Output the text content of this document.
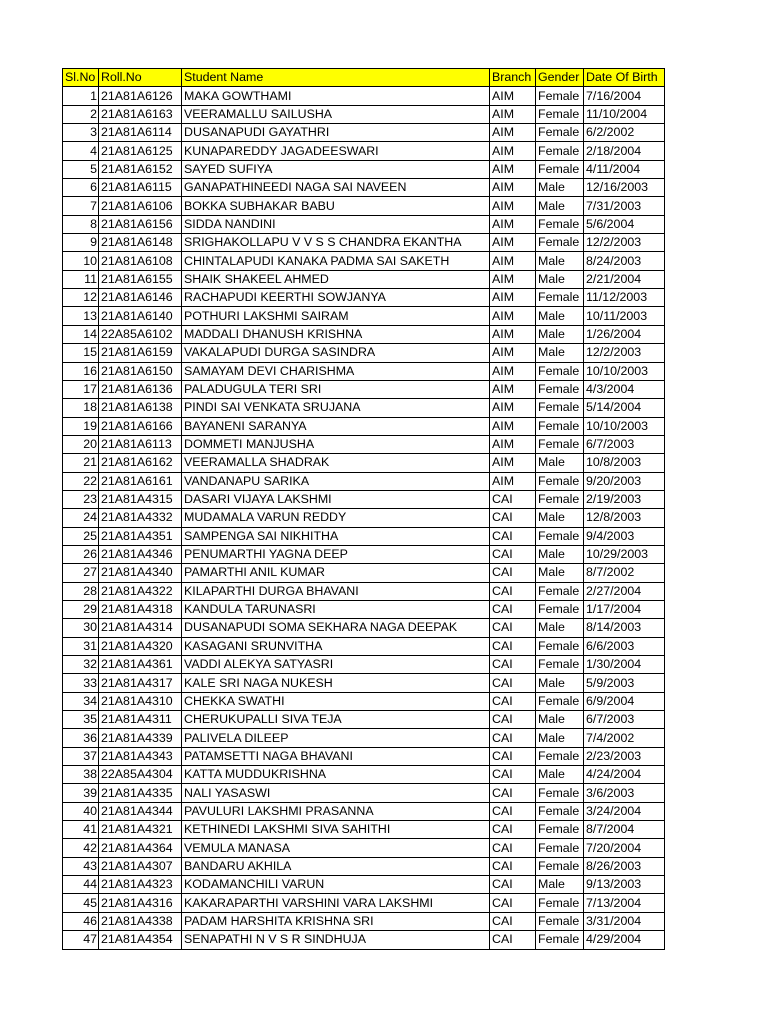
Sl.No	Roll.No	Student Name	Branch	Gender	Date Of Birth
1	21A81A6126	MAKA GOWTHAMI	AIM	Female	7/16/2004
2	21A81A6163	VEERAMALLU SAILUSHA	AIM	Female	11/10/2004
3	21A81A6114	DUSANAPUDI GAYATHRI	AIM	Female	6/2/2002
4	21A81A6125	KUNAPAREDDY JAGADEESWARI	AIM	Female	2/18/2004
5	21A81A6152	SAYED SUFIYA	AIM	Female	4/11/2004
6	21A81A6115	GANAPATHINEEDI NAGA SAI NAVEEN	AIM	Male	12/16/2003
7	21A81A6106	BOKKA SUBHAKAR BABU	AIM	Male	7/31/2003
8	21A81A6156	SIDDA NANDINI	AIM	Female	5/6/2004
9	21A81A6148	SRIGHAKOLLAPU V V S S CHANDRA EKANTHA	AIM	Female	12/2/2003
10	21A81A6108	CHINTALAPUDI KANAKA PADMA SAI SAKETH	AIM	Male	8/24/2003
11	21A81A6155	SHAIK SHAKEEL AHMED	AIM	Male	2/21/2004
12	21A81A6146	RACHAPUDI KEERTHI SOWJANYA	AIM	Female	11/12/2003
13	21A81A6140	POTHURI LAKSHMI SAIRAM	AIM	Male	10/11/2003
14	22A85A6102	MADDALI DHANUSH KRISHNA	AIM	Male	1/26/2004
15	21A81A6159	VAKALAPUDI DURGA SASINDRA	AIM	Male	12/2/2003
16	21A81A6150	SAMAYAM DEVI CHARISHMA	AIM	Female	10/10/2003
17	21A81A6136	PALADUGULA TERI SRI	AIM	Female	4/3/2004
18	21A81A6138	PINDI SAI VENKATA SRUJANA	AIM	Female	5/14/2004
19	21A81A6166	BAYANENI SARANYA	AIM	Female	10/10/2003
20	21A81A6113	DOMMETI MANJUSHA	AIM	Female	6/7/2003
21	21A81A6162	VEERAMALLA SHADRAK	AIM	Male	10/8/2003
22	21A81A6161	VANDANAPU SARIKA	AIM	Female	9/20/2003
23	21A81A4315	DASARI VIJAYA LAKSHMI	CAI	Female	2/19/2003
24	21A81A4332	MUDAMALA VARUN REDDY	CAI	Male	12/8/2003
25	21A81A4351	SAMPENGA SAI NIKHITHA	CAI	Female	9/4/2003
26	21A81A4346	PENUMARTHI YAGNA DEEP	CAI	Male	10/29/2003
27	21A81A4340	PAMARTHI ANIL KUMAR	CAI	Male	8/7/2002
28	21A81A4322	KILAPARTHI DURGA BHAVANI	CAI	Female	2/27/2004
29	21A81A4318	KANDULA TARUNASRI	CAI	Female	1/17/2004
30	21A81A4314	DUSANAPUDI SOMA SEKHARA NAGA DEEPAK	CAI	Male	8/14/2003
31	21A81A4320	KASAGANI SRUNVITHA	CAI	Female	6/6/2003
32	21A81A4361	VADDI ALEKYA SATYASRI	CAI	Female	1/30/2004
33	21A81A4317	KALE SRI NAGA NUKESH	CAI	Male	5/9/2003
34	21A81A4310	CHEKKA SWATHI	CAI	Female	6/9/2004
35	21A81A4311	CHERUKUPALLI SIVA TEJA	CAI	Male	6/7/2003
36	21A81A4339	PALIVELA DILEEP	CAI	Male	7/4/2002
37	21A81A4343	PATAMSETTI NAGA BHAVANI	CAI	Female	2/23/2003
38	22A85A4304	KATTA MUDDUKRISHNA	CAI	Male	4/24/2004
39	21A81A4335	NALI YASASWI	CAI	Female	3/6/2003
40	21A81A4344	PAVULURI LAKSHMI PRASANNA	CAI	Female	3/24/2004
41	21A81A4321	KETHINEDI LAKSHMI SIVA SAHITHI	CAI	Female	8/7/2004
42	21A81A4364	VEMULA MANASA	CAI	Female	7/20/2004
43	21A81A4307	BANDARU AKHILA	CAI	Female	8/26/2003
44	21A81A4323	KODAMANCHILI VARUN	CAI	Male	9/13/2003
45	21A81A4316	KAKARAPARTHI VARSHINI VARA LAKSHMI	CAI	Female	7/13/2004
46	21A81A4338	PADAM HARSHITA KRISHNA SRI	CAI	Female	3/31/2004
47	21A81A4354	SENAPATHI N V S R SINDHUJA	CAI	Female	4/29/2004
